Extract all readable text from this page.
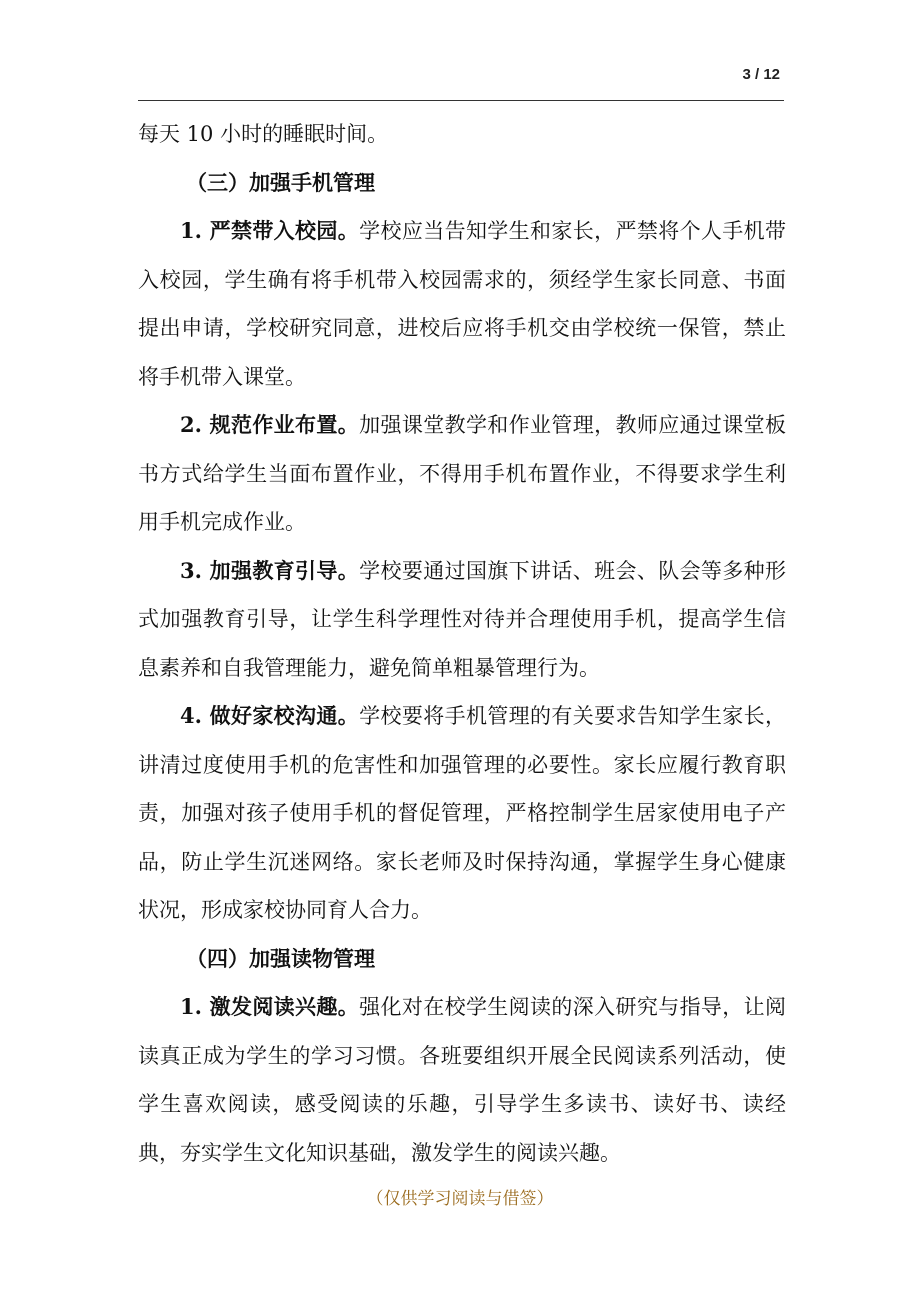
3 / 12

每天 10 小时的睡眠时间。

（三）加强手机管理

1. 严禁带入校园。学校应当告知学生和家长，严禁将个人手机带入校园，学生确有将手机带入校园需求的，须经学生家长同意、书面提出申请，学校研究同意，进校后应将手机交由学校统一保管，禁止将手机带入课堂。

2. 规范作业布置。加强课堂教学和作业管理，教师应通过课堂板书方式给学生当面布置作业，不得用手机布置作业，不得要求学生利用手机完成作业。

3. 加强教育引导。学校要通过国旗下讲话、班会、队会等多种形式加强教育引导，让学生科学理性对待并合理使用手机，提高学生信息素养和自我管理能力，避免简单粗暴管理行为。

4. 做好家校沟通。学校要将手机管理的有关要求告知学生家长，讲清过度使用手机的危害性和加强管理的必要性。家长应履行教育职责，加强对孩子使用手机的督促管理，严格控制学生居家使用电子产品，防止学生沉迷网络。家长老师及时保持沟通，掌握学生身心健康状况，形成家校协同育人合力。

（四）加强读物管理

1. 激发阅读兴趣。强化对在校学生阅读的深入研究与指导，让阅读真正成为学生的学习习惯。各班要组织开展全民阅读系列活动，使学生喜欢阅读，感受阅读的乐趣，引导学生多读书、读好书、读经典，夯实学生文化知识基础，激发学生的阅读兴趣。

（仅供学习阅读与借签）
